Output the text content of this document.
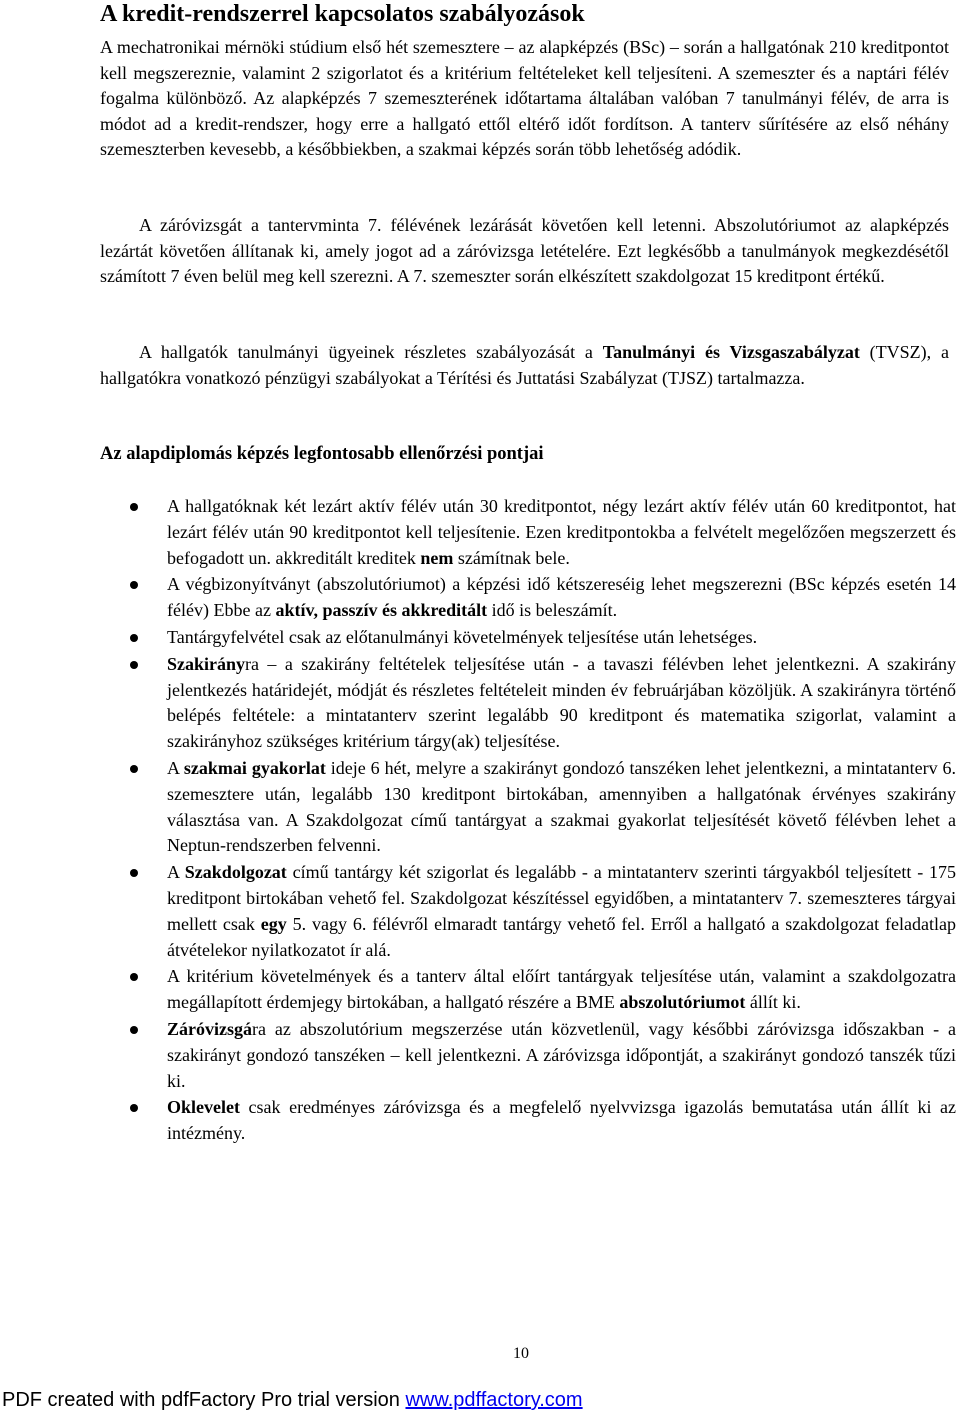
A kredit-rendszerrel kapcsolatos szabályozások

A mechatronikai mérnöki stúdium első hét szemesztere – az alapképzés (BSc) – során a hallgatónak 210 kreditpontot kell megszereznie, valamint 2 szigorlatot és a kritérium feltételeket kell teljesíteni. A szemeszter és a naptári félév fogalma különböző. Az alapképzés 7 szemeszterének időtartama általában valóban 7 tanulmányi félév, de arra is módot ad a kredit-rendszer, hogy erre a hallgató ettől eltérő időt fordítson. A tanterv sűrítésére az első néhány szemeszterben kevesebb, a későbbiekben, a szakmai képzés során több lehetőség adódik.

A záróvizsgát a tantervminta 7. félévének lezárását követően kell letenni. Abszolutóriumot az alapképzés lezártát követően állítanak ki, amely jogot ad a záróvizsga letételére. Ezt legkésőbb a tanulmányok megkezdésétől számított 7 éven belül meg kell szerezni. A 7. szemeszter során elkészített szakdolgozat 15 kreditpont értékű.

A hallgatók tanulmányi ügyeinek részletes szabályozását a Tanulmányi és Vizsgaszabályzat (TVSZ), a hallgatókra vonatkozó pénzügyi szabályokat a Térítési és Juttatási Szabályzat (TJSZ) tartalmazza.

Az alapdiplomás képzés legfontosabb ellenőrzési pontjai
A hallgatóknak két lezárt aktív félév után 30 kreditpontot, négy lezárt aktív félév után 60 kreditpontot, hat lezárt félév után 90 kreditpontot kell teljesítenie. Ezen kreditpontokba a felvételt megelőzően megszerzett és befogadott un. akkreditált kreditek nem számítnak bele.
A végbizonyítványt (abszolutóriumot) a képzési idő kétszereséig lehet megszerezni (BSc képzés esetén 14 félév) Ebbe az aktív, passzív és akkreditált idő is beleszámít.
Tantárgyfelvétel csak az előtanulmányi követelmények teljesítése után lehetséges.
Szakirányra – a szakirány feltételek teljesítése után - a tavaszi félévben lehet jelentkezni. A szakirány jelentkezés határidejét, módját és részletes feltételeit minden év februárjában közöljük. A szakirányra történő belépés feltétele: a mintatanterv szerint legalább 90 kreditpont és matematika szigorlat, valamint a szakirányhoz szükséges kritérium tárgy(ak) teljesítése.
A szakmai gyakorlat ideje 6 hét, melyre a szakirányt gondozó tanszéken lehet jelentkezni, a mintatanterv 6. szemesztere után, legalább 130 kreditpont birtokában, amennyiben a hallgatónak érvényes szakirány választása van. A Szakdolgozat című tantárgyat a szakmai gyakorlat teljesítését követő félévben lehet a Neptun-rendszerben felvenni.
A Szakdolgozat című tantárgy két szigorlat és legalább - a mintatanterv szerinti tárgyakból teljesített - 175 kreditpont birtokában vehető fel. Szakdolgozat készítéssel egyidőben, a mintatanterv 7. szemeszteres tárgyai mellett csak egy 5. vagy 6. félévről elmaradt tantárgy vehető fel. Erről a hallgató a szakdolgozat feladatlap átvételekor nyilatkozatot ír alá.
A kritérium követelmények és a tanterv által előírt tantárgyak teljesítése után, valamint a szakdolgozatra megállapított érdemjegy birtokában, a hallgató részére a BME abszolutóriumot állít ki.
Záróvizsgára az abszolutórium megszerzése után közvetlenül, vagy későbbi záróvizsga időszakban - a szakirányt gondozó tanszéken – kell jelentkezni. A záróvizsga időpontját, a szakirányt gondozó tanszék tűzi ki.
Oklevelet csak eredményes záróvizsga és a megfelelő nyelvvizsga igazolás bemutatása után állít ki az intézmény.

10

PDF created with pdfFactory Pro trial version www.pdffactory.com
